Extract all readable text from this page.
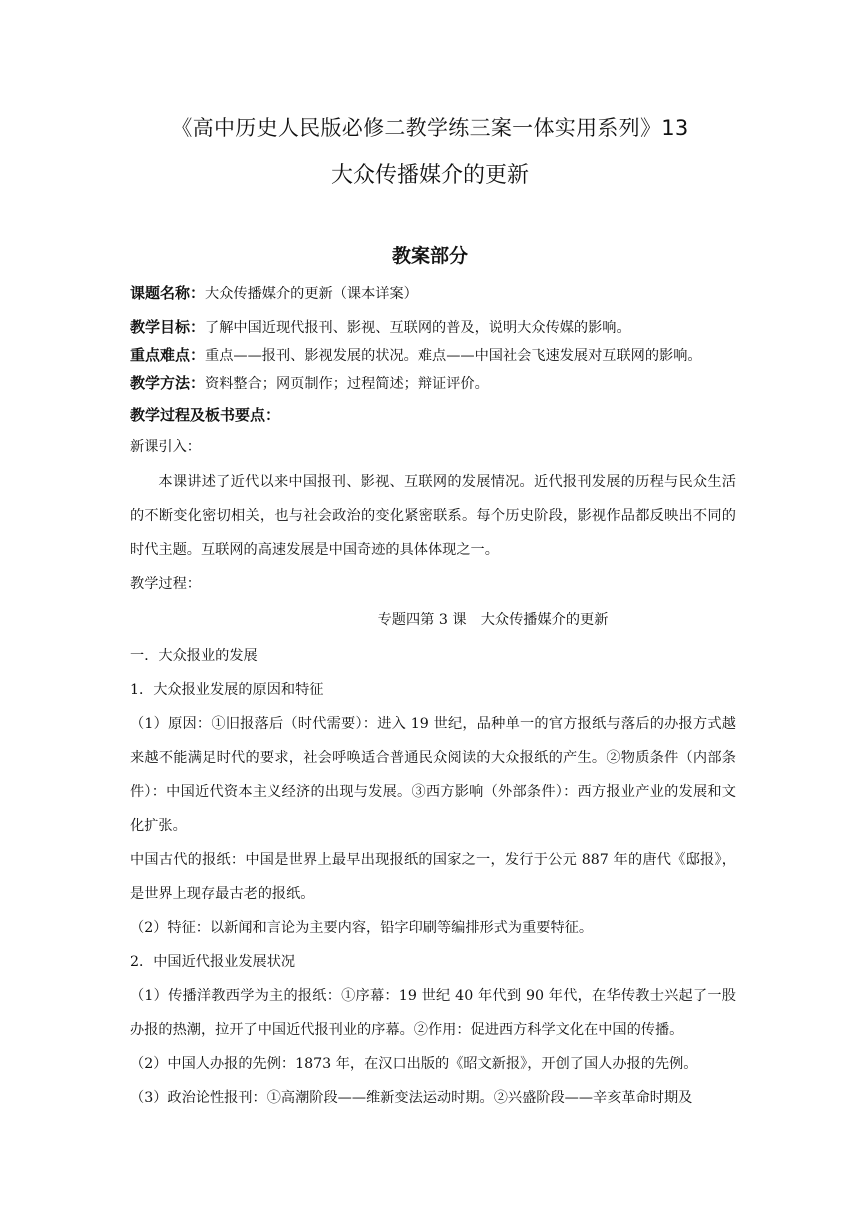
《高中历史人民版必修二教学练三案一体实用系列》13
大众传播媒介的更新
教案部分

课题名称：大众传播媒介的更新（课本详案）

教学目标：了解中国近现代报刊、影视、互联网的普及，说明大众传媒的影响。

重点难点：重点——报刊、影视发展的状况。难点——中国社会飞速发展对互联网的影响。

教学方法：资料整合；网页制作；过程简述；辩证评价。

教学过程及板书要点：

新课引入：

本课讲述了近代以来中国报刊、影视、互联网的发展情况。近代报刊发展的历程与民众生活的不断变化密切相关，也与社会政治的变化紧密联系。每个历史阶段，影视作品都反映出不同的时代主题。互联网的高速发展是中国奇迹的具体体现之一。

教学过程：

专题四第 3 课　大众传播媒介的更新

一．大众报业的发展

1．大众报业发展的原因和特征

（1）原因：①旧报落后（时代需要）：进入 19 世纪，品种单一的官方报纸与落后的办报方式越来越不能满足时代的要求，社会呼唤适合普通民众阅读的大众报纸的产生。②物质条件（内部条件）：中国近代资本主义经济的出现与发展。③西方影响（外部条件）：西方报业产业的发展和文化扩张。

中国古代的报纸：中国是世界上最早出现报纸的国家之一，发行于公元 887 年的唐代《邸报》，是世界上现存最古老的报纸。

（2）特征：以新闻和言论为主要内容，铅字印刷等编排形式为重要特征。

2．中国近代报业发展状况

（1）传播洋教西学为主的报纸：①序幕：19 世纪 40 年代到 90 年代，在华传教士兴起了一股办报的热潮，拉开了中国近代报刊业的序幕。②作用：促进西方科学文化在中国的传播。

（2）中国人办报的先例：1873 年，在汉口出版的《昭文新报》，开创了国人办报的先例。

（3）政治论性报刊：①高潮阶段——维新变法运动时期。②兴盛阶段——辛亥革命时期及
